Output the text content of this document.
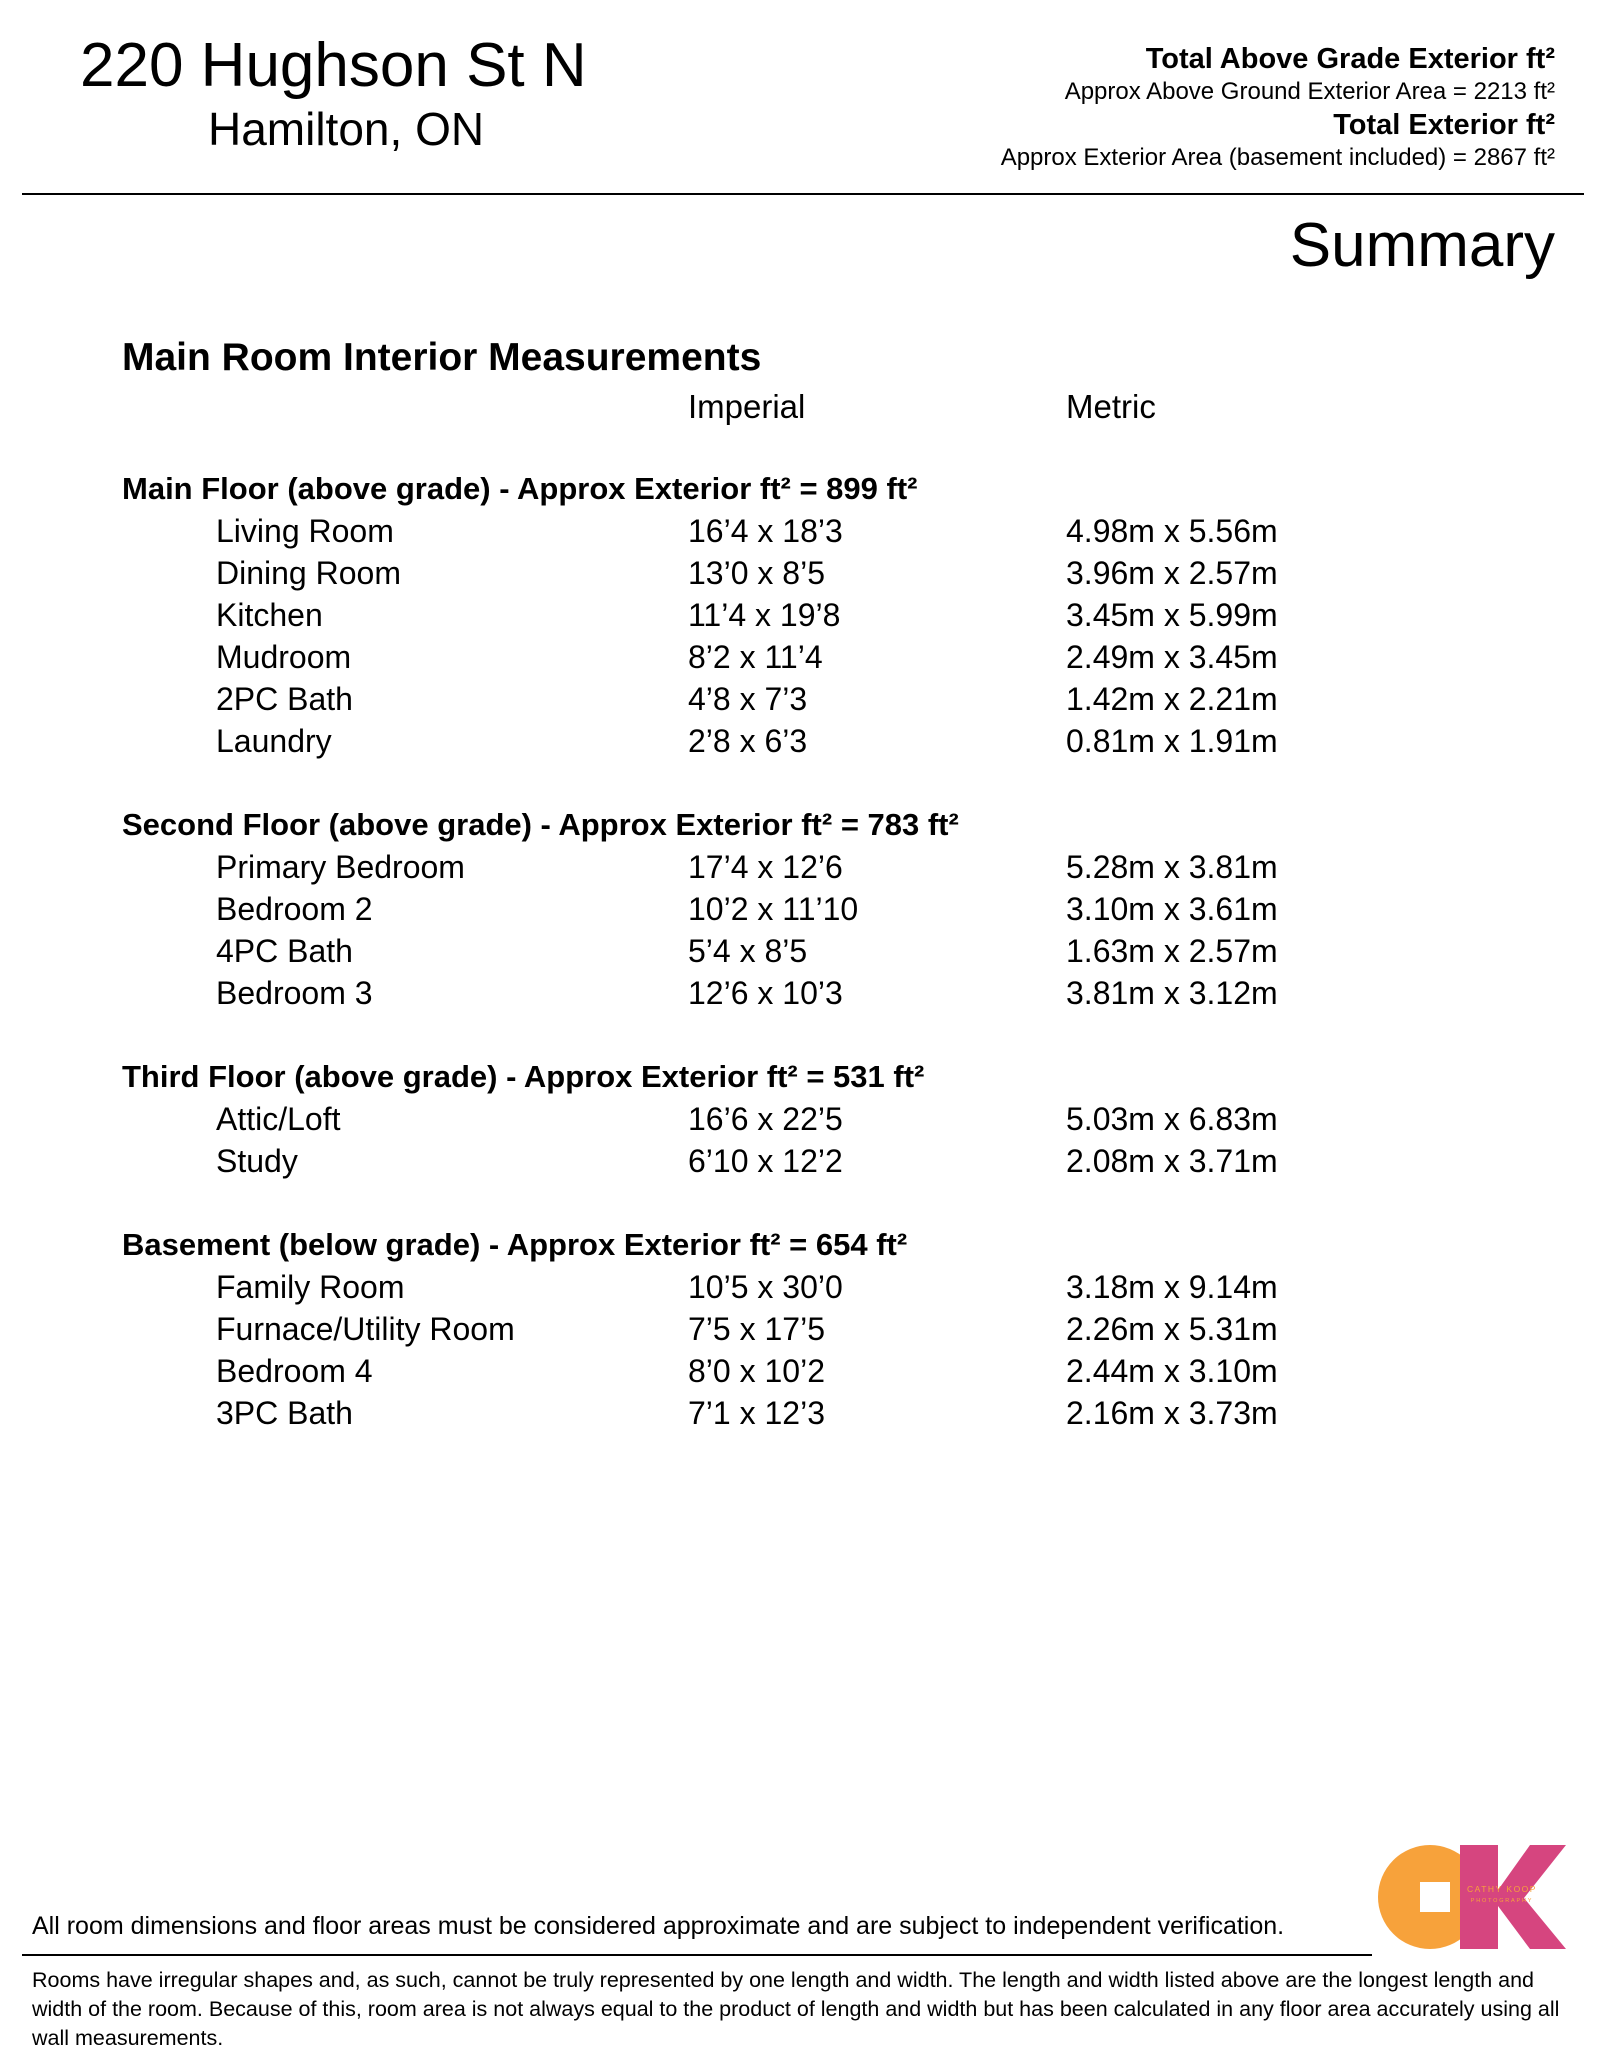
220 Hughson St N
Hamilton, ON
Total Above Grade Exterior ft²
Approx Above Ground Exterior Area = 2213 ft²
Total Exterior ft²
Approx Exterior Area (basement included) = 2867 ft²
Summary
Main Room Interior Measurements
Imperial	Metric
Main Floor (above grade) - Approx Exterior ft² = 899 ft²
Living Room	16’4 x 18’3	4.98m x 5.56m
Dining Room	13’0 x 8’5	3.96m x 2.57m
Kitchen	11’4 x 19’8	3.45m x 5.99m
Mudroom	8’2 x 11’4	2.49m x 3.45m
2PC Bath	4’8 x 7’3	1.42m x 2.21m
Laundry	2’8 x 6’3	0.81m x 1.91m
Second Floor (above grade) - Approx Exterior ft² = 783 ft²
Primary Bedroom	17’4 x 12’6	5.28m x 3.81m
Bedroom 2	10’2 x 11’10	3.10m x 3.61m
4PC Bath	5’4 x 8’5	1.63m x 2.57m
Bedroom 3	12’6 x 10’3	3.81m x 3.12m
Third Floor (above grade) - Approx Exterior ft² = 531 ft²
Attic/Loft	16’6 x 22’5	5.03m x 6.83m
Study	6’10 x 12’2	2.08m x 3.71m
Basement (below grade) - Approx Exterior ft² = 654 ft²
Family Room	10’5 x 30’0	3.18m x 9.14m
Furnace/Utility Room	7’5 x 17’5	2.26m x 5.31m
Bedroom 4	8’0 x 10’2	2.44m x 3.10m
3PC Bath	7’1 x 12’3	2.16m x 3.73m
All room dimensions and floor areas must be considered approximate and are subject to independent verification.
Rooms have irregular shapes and, as such, cannot be truly represented by one length and width. The length and width listed above are the longest length and width of the room. Because of this, room area is not always equal to the product of length and width but has been calculated in any floor area accurately using all wall measurements.
CATHY KOOP
PHOTOGRAPHY
